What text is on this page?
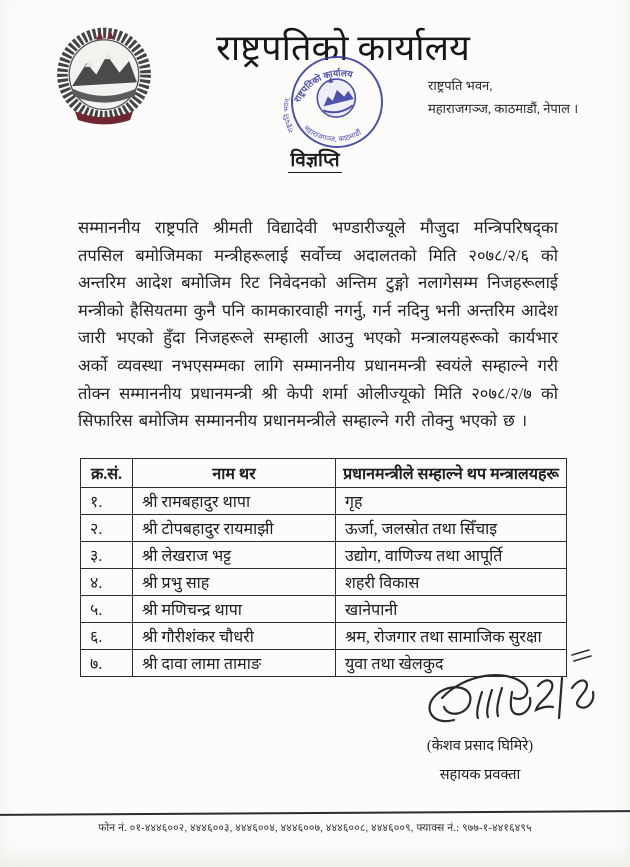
राष्ट्रपतिको कार्यालय
राष्ट्रपतिको कार्यालय
महाराजगञ्ज, काठमाडौं
राष्ट्रपति भवन,
राष्ट्रपति भवन,
महाराजगञ्ज, काठमाडौं, नेपाल ।
विज्ञप्ति
सम्माननीय राष्ट्रपति श्रीमती विद्यादेवी भण्डारीज्यूले मौजुदा मन्त्रिपरिषद्का तपसिल बमोजिमका मन्त्रीहरूलाई सर्वोच्च अदालतको मिति २०७८/२/६ को अन्तरिम आदेश बमोजिम रिट निवेदनको अन्तिम टुङ्गो नलागेसम्म निजहरूलाई मन्त्रीको हैसियतमा कुनै पनि कामकारवाही नगर्नु, गर्न नदिनु भनी अन्तरिम आदेश जारी भएको हुँदा निजहरूले सम्हाली आउनु भएको मन्त्रालयहरूको कार्यभार अर्को व्यवस्था नभएसम्मका लागि सम्माननीय प्रधानमन्त्री स्वयंले सम्हाल्ने गरी तोक्न सम्माननीय प्रधानमन्त्री श्री केपी शर्मा ओलीज्यूको मिति २०७८/२/७ को सिफारिस बमोजिम सम्माननीय प्रधानमन्त्रीले सम्हाल्ने गरी तोक्नु भएको छ ।
क्र.सं.	नाम थर	प्रधानमन्त्रीले सम्हाल्ने थप मन्त्रालयहरू
१.	श्री रामबहादुर थापा	गृह
२.	श्री टोपबहादुर रायमाझी	ऊर्जा, जलस्रोत तथा सिँचाइ
३.	श्री लेखराज भट्ट	उद्योग, वाणिज्य तथा आपूर्ति
४.	श्री प्रभु साह	शहरी विकास
५.	श्री मणिचन्द्र थापा	खानेपानी
६.	श्री गौरीशंकर चौधरी	श्रम, रोजगार तथा सामाजिक सुरक्षा
७.	श्री दावा लामा तामाङ	युवा तथा खेलकुद
(केशव प्रसाद घिमिरे)
सहायक प्रवक्ता
फोन नं. ०१-४४४६००२, ४४४६००३, ४४४६००४, ४४४६००७, ४४४६००८, ४४४६००९, फ्याक्स नं.: ९७७-१-४४१६४९५
